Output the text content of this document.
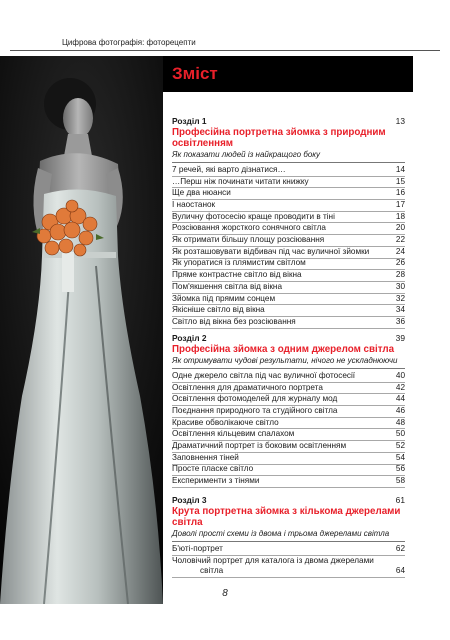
Цифрова фотографія: фоторецепти
Зміст
Розділ 1	13
Професійна портретна зйомка з природним освітленням
Як показати людей із найкращого боку
7 речей, які варто дізнатися…	14
…Перш ніж починати читати книжку	15
Ще два нюанси	16
І наостанок	17
Вуличну фотосесію краще проводити в тіні	18
Розсіювання жорсткого сонячного світла	20
Як отримати більшу площу розсіювання	22
Як розташовувати відбивач під час вуличної зйомки	24
Як упоратися із плямистим світлом	26
Пряме контрастне світло від вікна	28
Пом'якшення світла від вікна	30
Зйомка під прямим сонцем	32
Якісніше світло від вікна	34
Світло від вікна без розсіювання	36
Розділ 2	39
Професійна зйомка з одним джерелом світла
Як отримувати чудові результати, нічого не ускладнюючи
Одне джерело світла під час вуличної фотосесії	40
Освітлення для драматичного портрета	42
Освітлення фотомоделей для журналу мод	44
Поєднання природного та студійного світла	46
Красиве обволікаюче світло	48
Освітлення кільцевим спалахом	50
Драматичний портрет із боковим освітленням	52
Заповнення тіней	54
Просте пласке світло	56
Експерименти з тінями	58
Розділ 3	61
Крута портретна зйомка з кількома джерелами світла
Доволі прості схеми із двома і трьома джерелами світла
Б'юті-портрет	62
Чоловічий портрет для каталога із двома джерелами
світла	64
8
